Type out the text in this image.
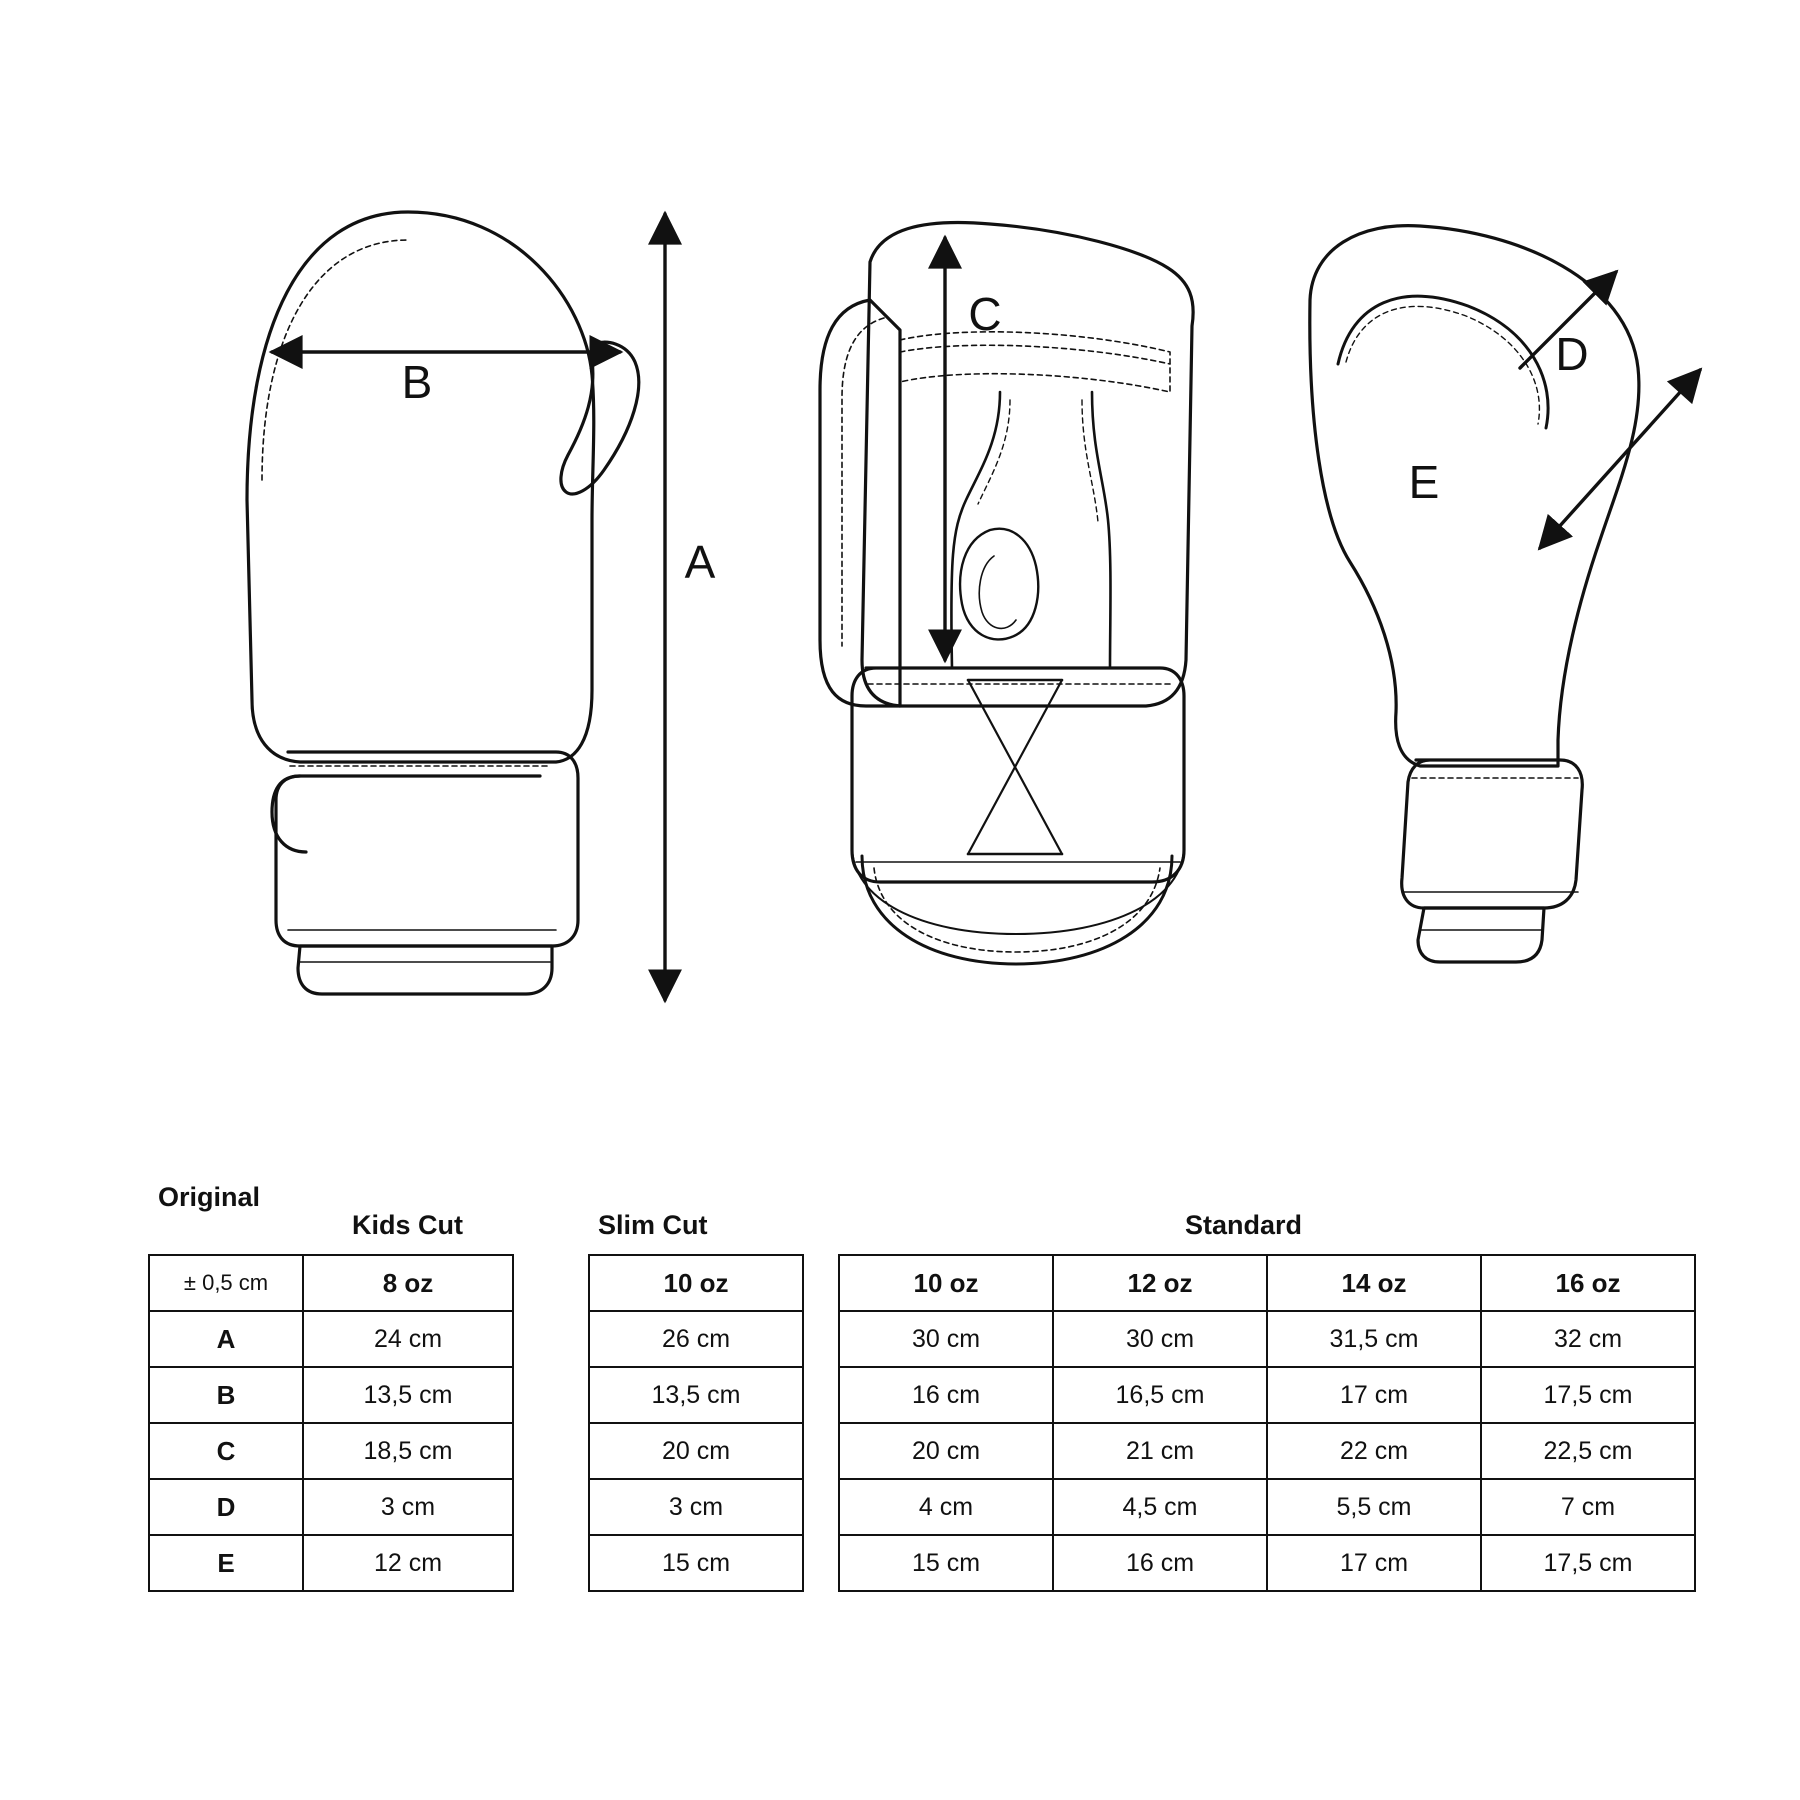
B
A
C
D
E
Original
Kids Cut	Slim Cut	Standard
± 0,5 cm	8 oz
A	24 cm
B	13,5 cm
C	18,5 cm
D	3 cm
E	12 cm
10 oz
26 cm
13,5 cm
20 cm
3 cm
15 cm
10 oz	12 oz	14 oz	16 oz
30 cm	30 cm	31,5 cm	32 cm
16 cm	16,5 cm	17 cm	17,5 cm
20 cm	21 cm	22 cm	22,5 cm
4 cm	4,5 cm	5,5 cm	7 cm
15 cm	16 cm	17 cm	17,5 cm
